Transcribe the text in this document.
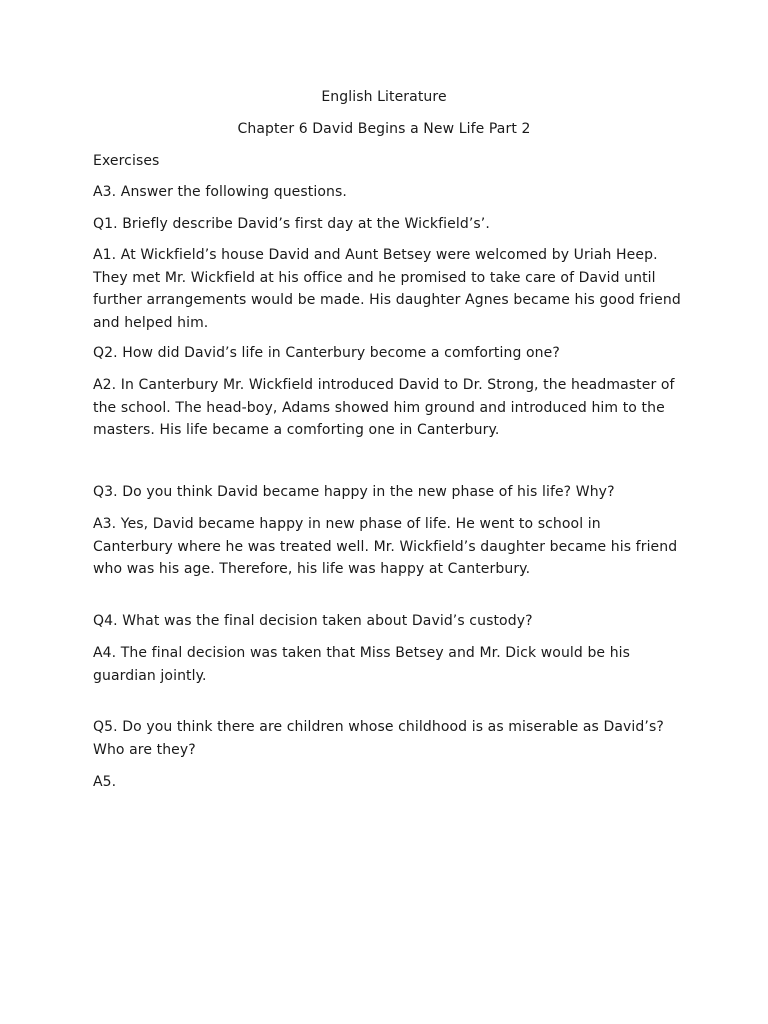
English Literature

Chapter 6 David Begins a New Life Part 2

Exercises

A3. Answer the following questions.

Q1. Briefly describe David’s first day at the Wickfield’s’.

A1. At Wickfield’s house David and Aunt Betsey were welcomed by Uriah Heep. They met Mr. Wickfield at his office and he promised to take care of David until further arrangements would be made. His daughter Agnes became his good friend and helped him.

Q2. How did David’s life in Canterbury become a comforting one?

A2. In Canterbury Mr. Wickfield introduced David to Dr. Strong, the headmaster of the school. The head-boy, Adams showed him ground and introduced him to the masters. His life became a comforting one in Canterbury.

Q3. Do you think David became happy in the new phase of his life? Why?

A3. Yes, David became happy in new phase of life. He went to school in Canterbury where he was treated well. Mr. Wickfield’s daughter became his friend who was his age. Therefore, his life was happy at Canterbury.

Q4. What was the final decision taken about David’s custody?

A4. The final decision was taken that Miss Betsey and Mr. Dick would be his guardian jointly.

Q5. Do you think there are children whose childhood is as miserable as David’s? Who are they?

A5.
